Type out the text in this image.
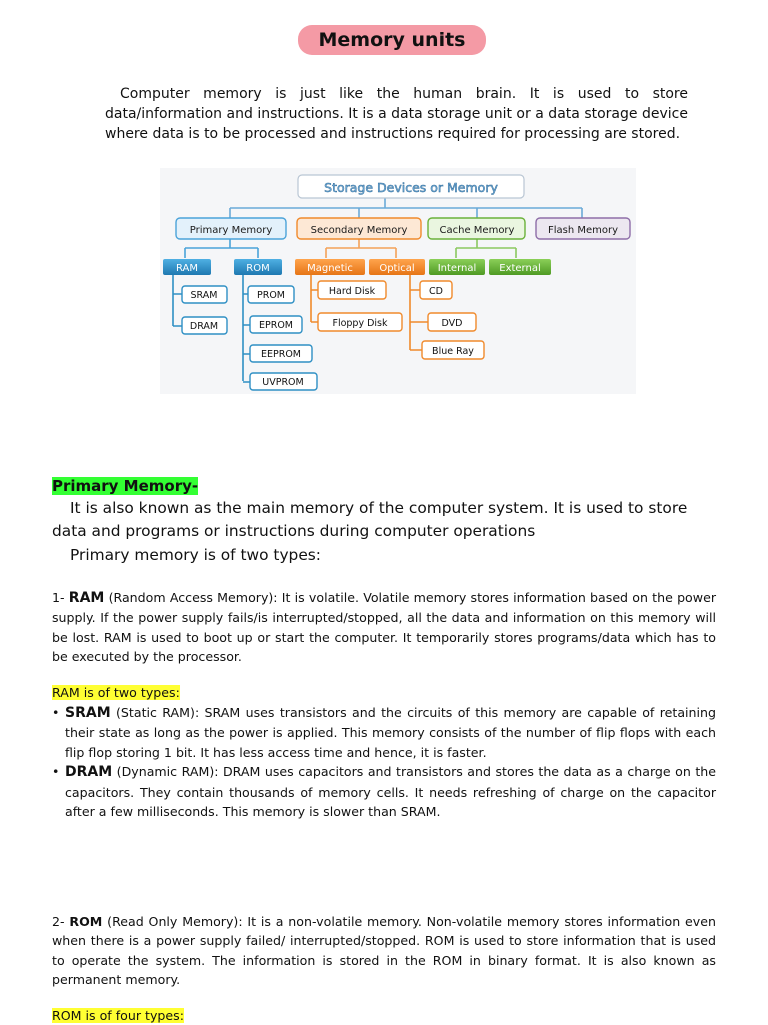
Memory units

Computer memory is just like the human brain. It is used to store data/information and instructions. It is a data storage unit or a data storage device where data is to be processed and instructions required for processing are stored.

Storage Devices or Memory
Primary Memory	Secondary Memory	Cache Memory	Flash Memory
RAM	ROM	Magnetic	Optical Internal External
SRAM
DRAM
PROM
EPROM
EEPROM
UVPROM
Hard Disk
Floppy Disk
CD
DVD
Blue Ray
Primary Memory-

It is also known as the main memory of the computer system. It is used to store data and programs or instructions during computer operations

Primary memory is of two types:

1- RAM (Random Access Memory): It is volatile. Volatile memory stores information based on the power supply. If the power supply fails/is interrupted/stopped, all the data and information on this memory will be lost. RAM is used to boot up or start the computer. It temporarily stores programs/data which has to be executed by the processor.

RAM is of two types:
• SRAM (Static RAM): SRAM uses transistors and the circuits of this memory are capable of retaining their state as long as the power is applied. This memory consists of the number of flip flops with each flip flop storing 1 bit. It has less access time and hence, it is faster.
• DRAM (Dynamic RAM): DRAM uses capacitors and transistors and stores the data as a charge on the capacitors. They contain thousands of memory cells. It needs refreshing of charge on the capacitor after a few milliseconds. This memory is slower than SRAM.

2- ROM (Read Only Memory): It is a non-volatile memory. Non-volatile memory stores information even when there is a power supply failed/ interrupted/stopped. ROM is used to store information that is used to operate the system. The information is stored in the ROM in binary format. It is also known as permanent memory.

ROM is of four types:
